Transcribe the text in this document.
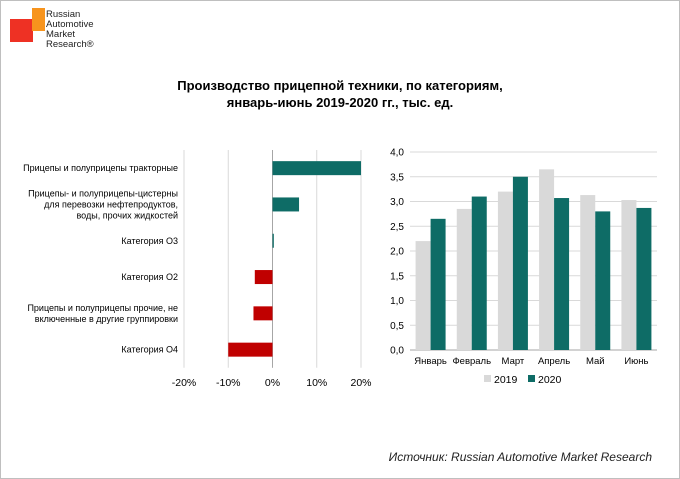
НАПИ Russian
Automotive
Market
Research®
Производство прицепной техники, по категориям,
январь-июнь 2019-2020 гг., тыс. ед.
-20% -10% 0% 10% 20%
Прицепы и полуприцепы тракторные
Прицепы- и полуприцепы-цистерны
для перевозки нефтепродуктов,
воды, прочих жидкостей
Категория О3
Категория О2
Прицепы и полуприцепы прочие, не
включенные в другие группировки
Категория О4	0,0
0,5
1,0
1,5
2,0
2,5
3,0
3,5
4,0
Январь Февраль Март Апрель Май Июнь
2019 2020
Источник: Russian Automotive Market Research
